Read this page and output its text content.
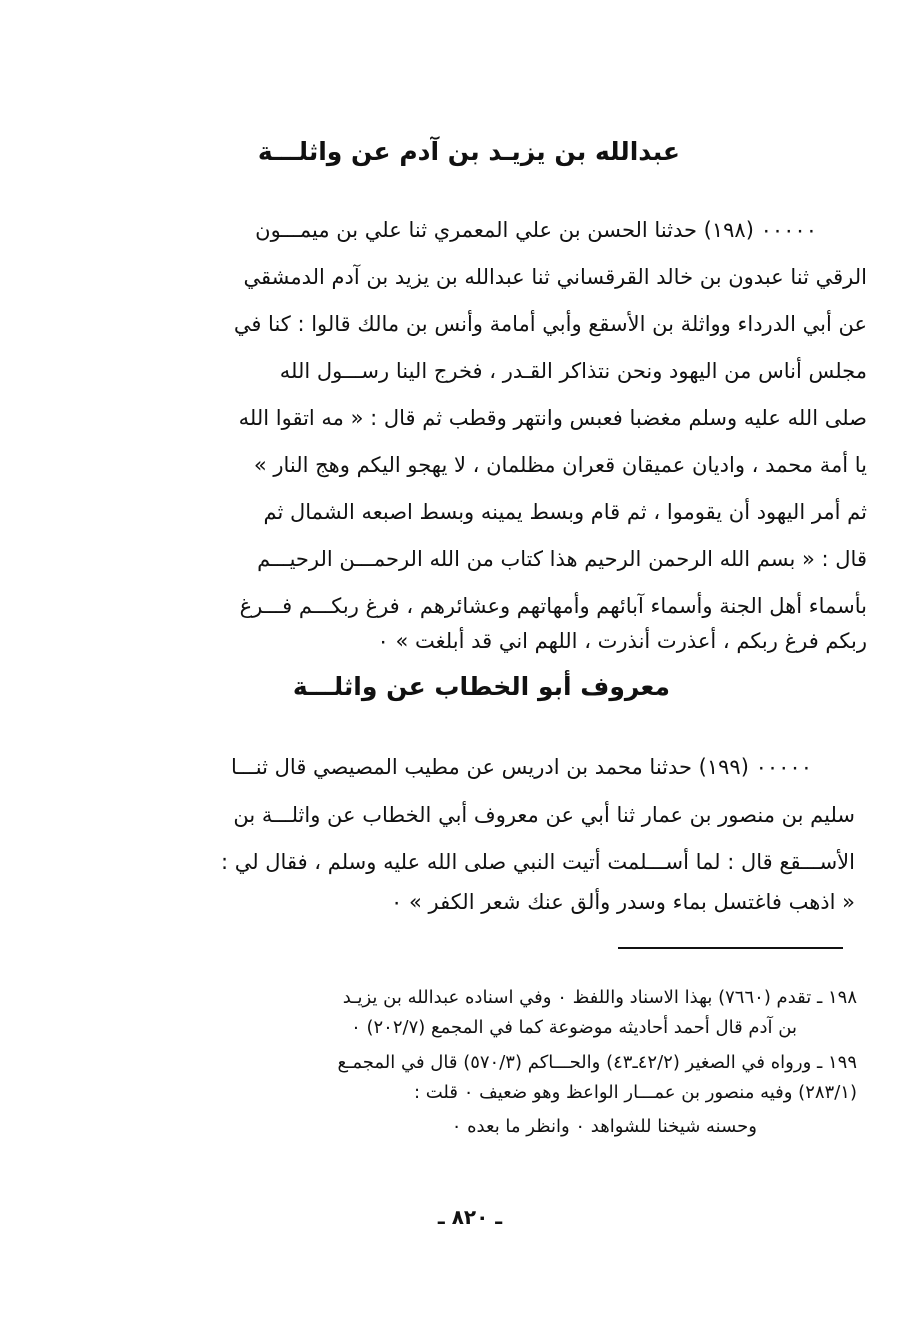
عبدالله بن يزيـد بن آدم عن واثلـــة
٠٠٠٠٠ (١٩٨) حدثنا الحسن بن علي المعمري ثنا علي بن ميمـــون
الرقي ثنا عبدون بن خالد القرقساني ثنا عبدالله بن يزيد بن آدم الدمشقي
عن أبي الدرداء وواثلة بن الأسقع وأبي أمامة وأنس بن مالك قالوا : كنا في
مجلس أناس من اليهود ونحن نتذاكر القـدر ، فخرج الينا رســـول الله
صلى الله عليه وسلم مغضبا فعبس وانتهر وقطب ثم قال : « مه اتقوا الله
يا أمة محمد ، واديان عميقان قعران مظلمان ، لا يهجو اليكم وهج النار »
ثم أمر اليهود أن يقوموا ، ثم قام وبسط يمينه وبسط اصبعه الشمال ثم
قال : « بسم الله الرحمن الرحيم هذا كتاب من الله الرحمـــن الرحيـــم
بأسماء أهل الجنة وأسماء آبائهم وأمهاتهم وعشائرهم ، فرغ ربكـــم فـــرغ
ربكم فرغ ربكم ، أعذرت أنذرت ، اللهم اني قد أبلغت » ٠
معروف أبو الخطاب عن واثلـــة
٠٠٠٠٠ (١٩٩) حدثنا محمد بن ادريس عن مطيب المصيصي قال ثنـــا
سليم بن منصور بن عمار ثنا أبي عن معروف أبي الخطاب عن واثلـــة بن
الأســـقع قال : لما أســـلمت أتيت النبي صلى الله عليه وسلم ، فقال لي :
« اذهب فاغتسل بماء وسدر وألق عنك شعر الكفر » ٠
١٩٨ ـ تقدم (٧٦٦٠) بهذا الاسناد واللفظ ٠ وفي اسناده عبدالله بن يزيـد
بن آدم قال أحمد أحاديثه موضوعة كما في المجمع (٢٠٢/٧) ٠
١٩٩ ـ ورواه في الصغير (٤٢/٢ـ٤٣) والحـــاكم (٥٧٠/٣) قال في المجمـع
(٢٨٣/١) وفيه منصور بن عمـــار الواعظ وهو ضعيف ٠ قلت :
وحسنه شيخنا للشواهد ٠ وانظر ما بعده ٠
ـ ٨٢٠ ـ
